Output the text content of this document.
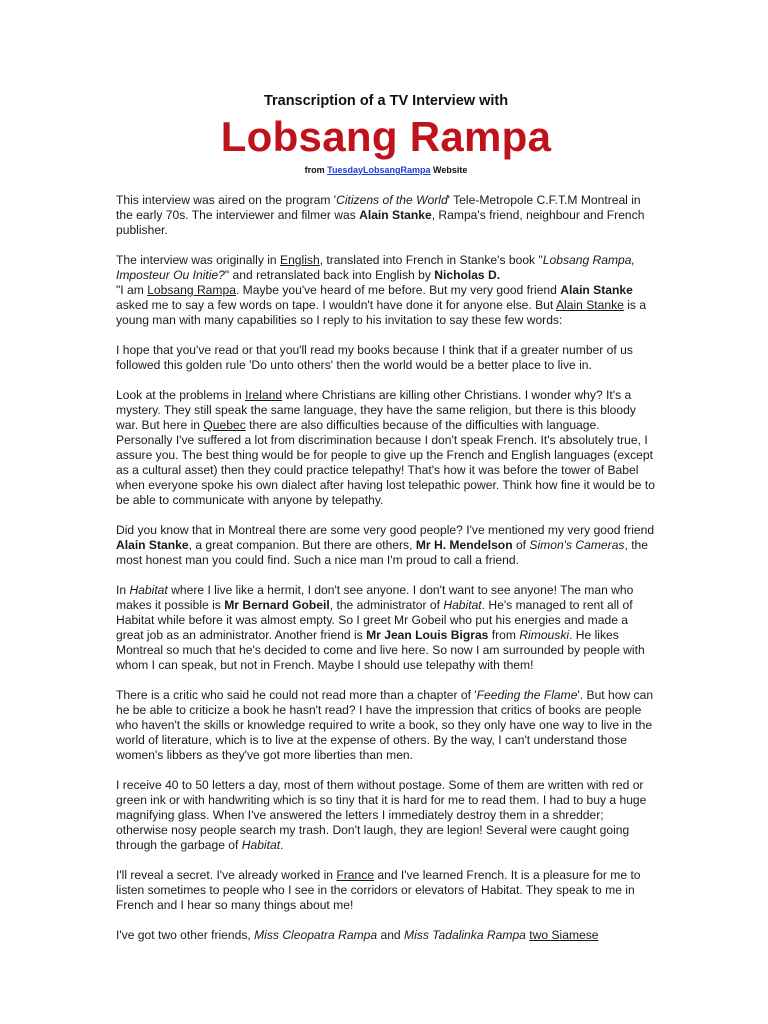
Transcription of a TV Interview with
Lobsang Rampa
from TuesdayLobsangRampa Website

This interview was aired on the program 'Citizens of the World' Tele-Metropole C.F.T.M Montreal in the early 70s. The interviewer and filmer was Alain Stanke, Rampa's friend, neighbour and French publisher.

The interview was originally in English, translated into French in Stanke's book "Lobsang Rampa, Imposteur Ou Initie?" and retranslated back into English by Nicholas D.
"I am Lobsang Rampa. Maybe you've heard of me before. But my very good friend Alain Stanke asked me to say a few words on tape. I wouldn't have done it for anyone else. But Alain Stanke is a young man with many capabilities so I reply to his invitation to say these few words:

I hope that you've read or that you'll read my books because I think that if a greater number of us followed this golden rule 'Do unto others' then the world would be a better place to live in.

Look at the problems in Ireland where Christians are killing other Christians. I wonder why? It's a mystery. They still speak the same language, they have the same religion, but there is this bloody war. But here in Quebec there are also difficulties because of the difficulties with language. Personally I've suffered a lot from discrimination because I don't speak French. It's absolutely true, I assure you. The best thing would be for people to give up the French and English languages (except as a cultural asset) then they could practice telepathy! That's how it was before the tower of Babel when everyone spoke his own dialect after having lost telepathic power. Think how fine it would be to be able to communicate with anyone by telepathy.

Did you know that in Montreal there are some very good people? I've mentioned my very good friend Alain Stanke, a great companion. But there are others, Mr H. Mendelson of Simon's Cameras, the most honest man you could find. Such a nice man I'm proud to call a friend.

In Habitat where I live like a hermit, I don't see anyone. I don't want to see anyone! The man who makes it possible is Mr Bernard Gobeil, the administrator of Habitat. He's managed to rent all of Habitat while before it was almost empty. So I greet Mr Gobeil who put his energies and made a great job as an administrator. Another friend is Mr Jean Louis Bigras from Rimouski. He likes Montreal so much that he's decided to come and live here. So now I am surrounded by people with whom I can speak, but not in French. Maybe I should use telepathy with them!

There is a critic who said he could not read more than a chapter of 'Feeding the Flame'. But how can he be able to criticize a book he hasn't read? I have the impression that critics of books are people who haven't the skills or knowledge required to write a book, so they only have one way to live in the world of literature, which is to live at the expense of others. By the way, I can't understand those women's libbers as they've got more liberties than men.

I receive 40 to 50 letters a day, most of them without postage. Some of them are written with red or green ink or with handwriting which is so tiny that it is hard for me to read them. I had to buy a huge magnifying glass. When I've answered the letters I immediately destroy them in a shredder; otherwise nosy people search my trash. Don't laugh, they are legion! Several were caught going through the garbage of Habitat.

I'll reveal a secret. I've already worked in France and I've learned French. It is a pleasure for me to listen sometimes to people who I see in the corridors or elevators of Habitat. They speak to me in French and I hear so many things about me!

I've got two other friends, Miss Cleopatra Rampa and Miss Tadalinka Rampa two Siamese
